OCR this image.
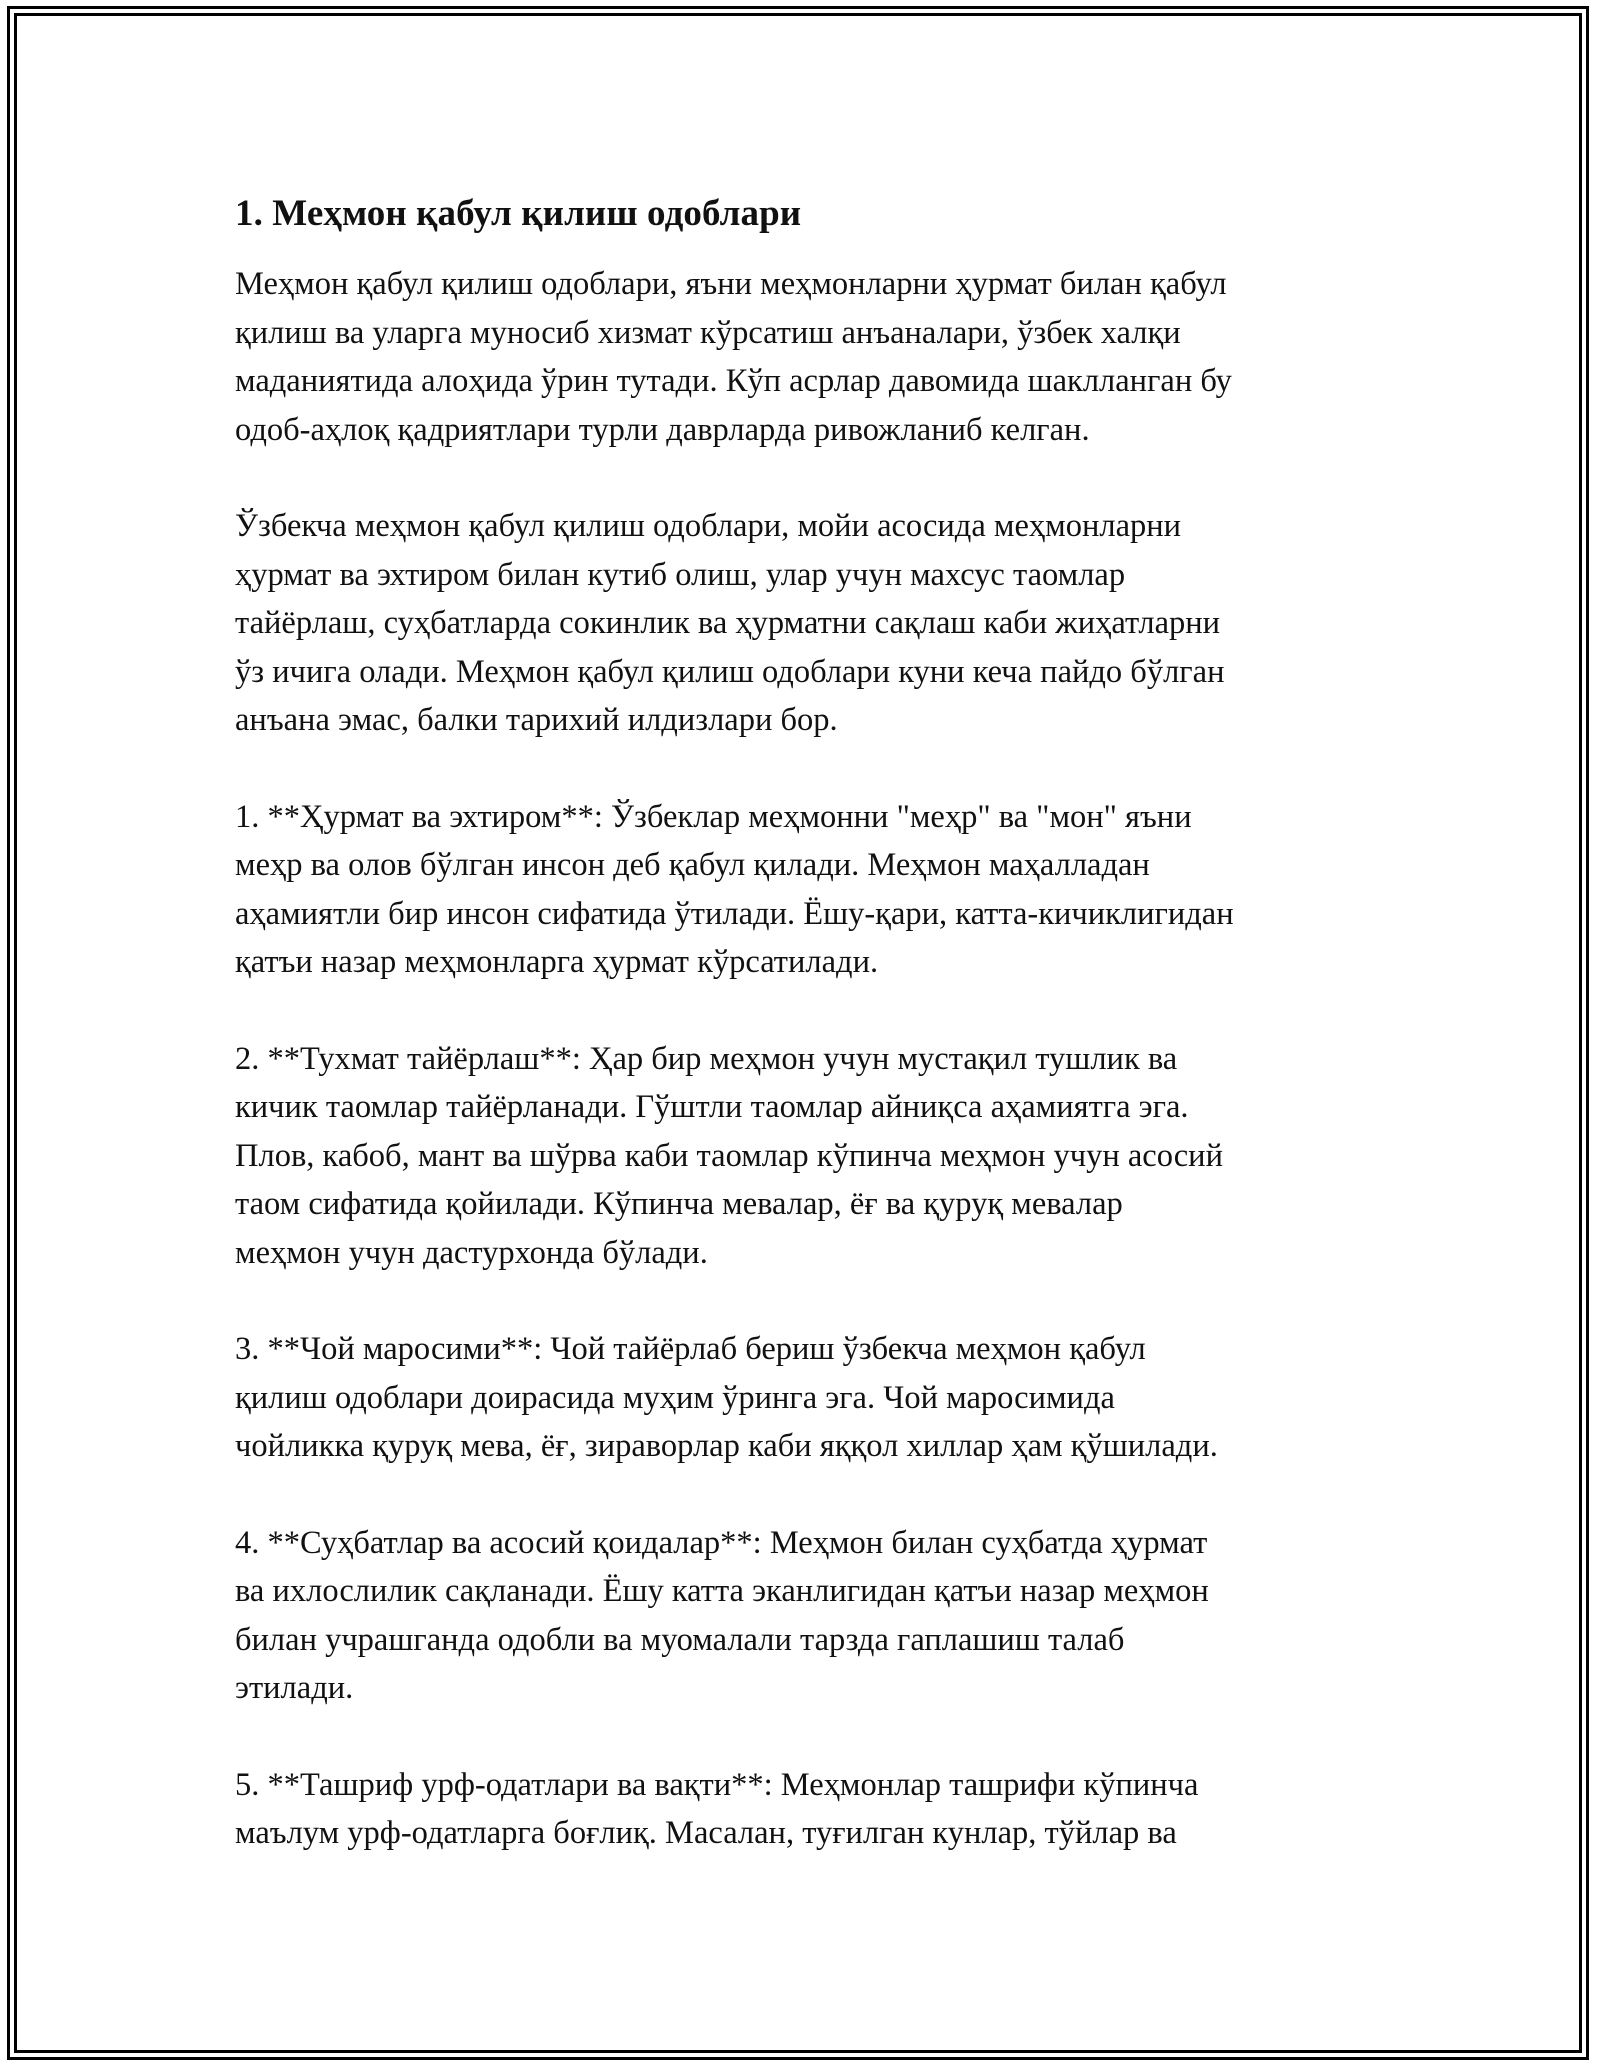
1. Меҳмон қабул қилиш одоблари

Меҳмон қабул қилиш одоблари, яъни меҳмонларни ҳурмат билан қабул
қилиш ва уларга муносиб хизмат кўрсатиш анъаналари, ўзбек халқи
маданиятида алоҳида ўрин тутади. Кўп асрлар давомида шаклланган бу
одоб-аҳлоқ қадриятлари турли даврларда ривожланиб келган.

Ўзбекча меҳмон қабул қилиш одоблари, мойи асосида меҳмонларни
ҳурмат ва эхтиром билан кутиб олиш, улар учун махсус таомлар
тайёрлаш, суҳбатларда сокинлик ва ҳурматни сақлаш каби жиҳатларни
ўз ичига олади. Меҳмон қабул қилиш одоблари куни кеча пайдо бўлган
анъана эмас, балки тарихий илдизлари бор.

1. **Ҳурмат ва эхтиром**: Ўзбеклар меҳмонни "меҳр" ва "мон" яъни
меҳр ва олов бўлган инсон деб қабул қилади. Меҳмон маҳалладан
аҳамиятли бир инсон сифатида ўтилади. Ёшу-қари, катта-кичиклигидан
қатъи назар меҳмонларга ҳурмат кўрсатилади.

2. **Тухмат тайёрлаш**: Ҳар бир меҳмон учун мустақил тушлик ва
кичик таомлар тайёрланади. Гўштли таомлар айниқса аҳамиятга эга.
Плов, кабоб, мант ва шўрва каби таомлар кўпинча меҳмон учун асосий
таом сифатида қойилади. Кўпинча мевалар, ёғ ва қуруқ мевалар
меҳмон учун дастурхонда бўлади.

3. **Чой маросими**: Чой тайёрлаб бериш ўзбекча меҳмон қабул
қилиш одоблари доирасида муҳим ўринга эга. Чой маросимида
чойликка қуруқ мева, ёғ, зираворлар каби яққол хиллар ҳам қўшилади.

4. **Суҳбатлар ва асосий қоидалар**: Меҳмон билан суҳбатда ҳурмат
ва ихлослилик сақланади. Ёшу катта эканлигидан қатъи назар меҳмон
билан учрашганда одобли ва муомалали тарзда гаплашиш талаб
этилади.

5. **Ташриф урф-одатлари ва вақти**: Меҳмонлар ташрифи кўпинча
маълум урф-одатларга боғлиқ. Масалан, туғилган кунлар, тўйлар ва
